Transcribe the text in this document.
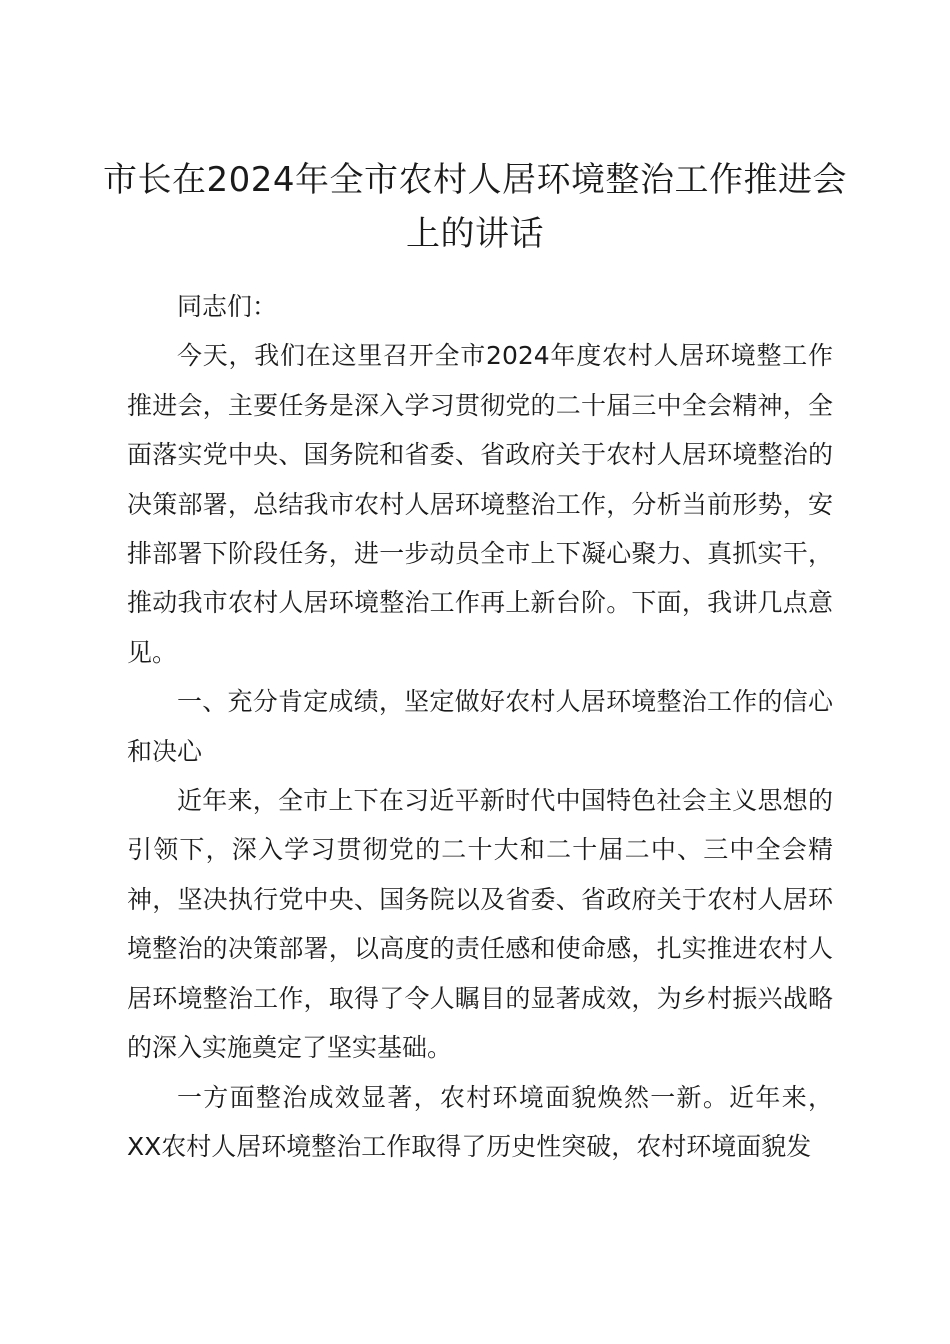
市长在2024年全市农村人居环境整治工作推进会上的讲话

同志们：

今天，我们在这里召开全市2024年度农村人居环境整工作推进会，主要任务是深入学习贯彻党的二十届三中全会精神，全面落实党中央、国务院和省委、省政府关于农村人居环境整治的决策部署，总结我市农村人居环境整治工作，分析当前形势，安排部署下阶段任务，进一步动员全市上下凝心聚力、真抓实干，推动我市农村人居环境整治工作再上新台阶。下面，我讲几点意见。

一、充分肯定成绩，坚定做好农村人居环境整治工作的信心和决心

近年来，全市上下在习近平新时代中国特色社会主义思想的引领下，深入学习贯彻党的二十大和二十届二中、三中全会精神，坚决执行党中央、国务院以及省委、省政府关于农村人居环境整治的决策部署，以高度的责任感和使命感，扎实推进农村人居环境整治工作，取得了令人瞩目的显著成效，为乡村振兴战略的深入实施奠定了坚实基础。

一方面整治成效显著，农村环境面貌焕然一新。近年来，XX农村人居环境整治工作取得了历史性突破，农村环境面貌发
